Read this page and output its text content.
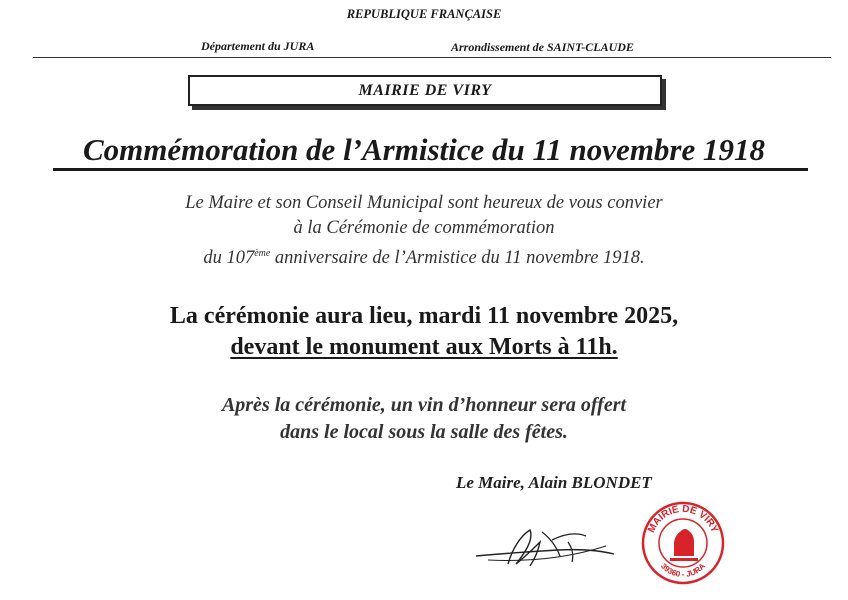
REPUBLIQUE FRANÇAISE
Département du JURA	Arrondissement de SAINT-CLAUDE
MAIRIE DE VIRY
Commémoration de l’Armistice du 11 novembre 1918
Le Maire et son Conseil Municipal sont heureux de vous convier
à la Cérémonie de commémoration
du 107ème anniversaire de l’Armistice du 11 novembre 1918.
La cérémonie aura lieu, mardi 11 novembre 2025,
devant le monument aux Morts à 11h.
Après la cérémonie, un vin d’honneur sera offert
dans le local sous la salle des fêtes.
Le Maire, Alain BLONDET
MAIRIE DE VIRY
39360 - JURA
